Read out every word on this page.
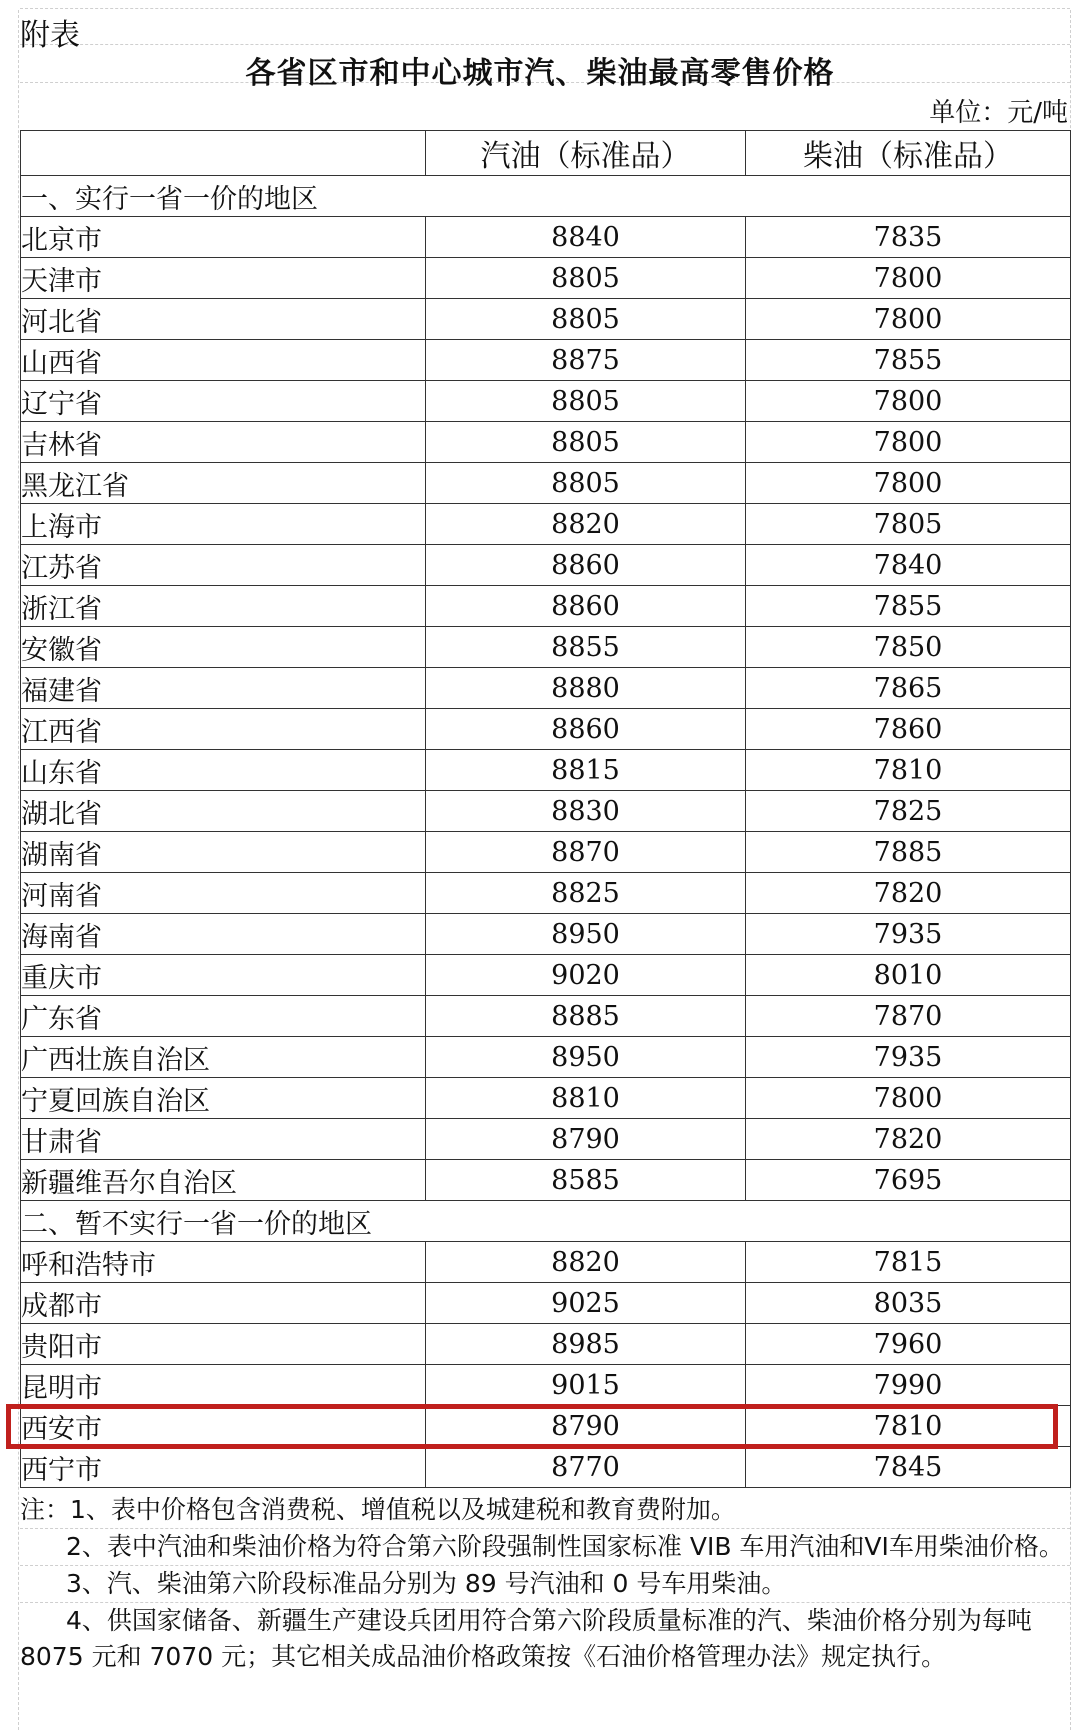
附表
各省区市和中心城市汽、柴油最高零售价格
单位：元/吨
	汽油（标准品）	柴油（标准品）
一、实行一省一价的地区		
北京市	8840	7835
天津市	8805	7800
河北省	8805	7800
山西省	8875	7855
辽宁省	8805	7800
吉林省	8805	7800
黑龙江省	8805	7800
上海市	8820	7805
江苏省	8860	7840
浙江省	8860	7855
安徽省	8855	7850
福建省	8880	7865
江西省	8860	7860
山东省	8815	7810
湖北省	8830	7825
湖南省	8870	7885
河南省	8825	7820
海南省	8950	7935
重庆市	9020	8010
广东省	8885	7870
广西壮族自治区	8950	7935
宁夏回族自治区	8810	7800
甘肃省	8790	7820
新疆维吾尔自治区	8585	7695
二、暂不实行一省一价的地区		
呼和浩特市	8820	7815
成都市	9025	8035
贵阳市	8985	7960
昆明市	9015	7990
西安市	8790	7810
西宁市	8770	7845

注：1、表中价格包含消费税、增值税以及城建税和教育费附加。

2、表中汽油和柴油价格为符合第六阶段强制性国家标准 VIB 车用汽油和VI车用柴油价格。

3、汽、柴油第六阶段标准品分别为 89 号汽油和 0 号车用柴油。

4、供国家储备、新疆生产建设兵团用符合第六阶段质量标准的汽、柴油价格分别为每吨 8075 元和 7070 元；其它相关成品油价格政策按《石油价格管理办法》规定执行。
